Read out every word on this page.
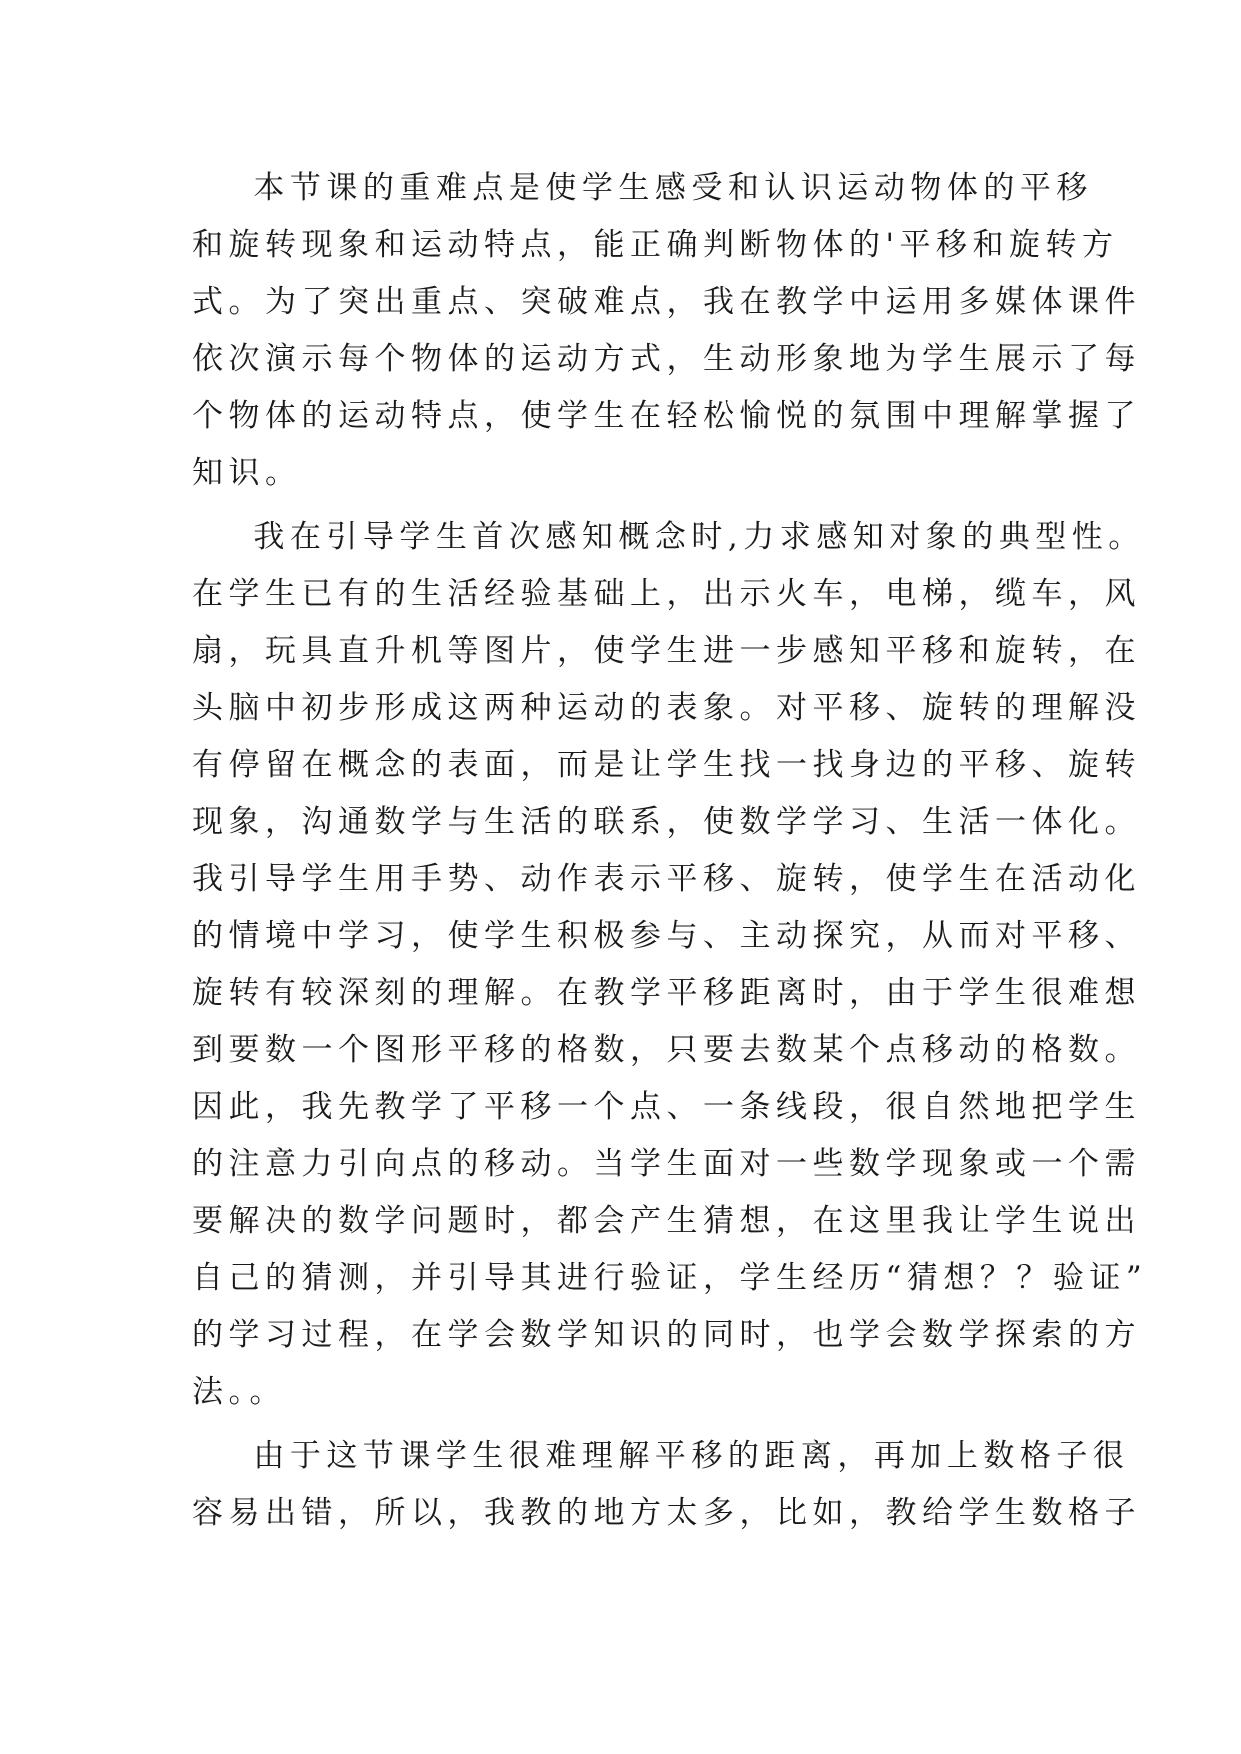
本节课的重难点是使学生感受和认识运动物体的平移
和旋转现象和运动特点，能正确判断物体的'平移和旋转方
式。为了突出重点、突破难点，我在教学中运用多媒体课件
依次演示每个物体的运动方式，生动形象地为学生展示了每
个物体的运动特点，使学生在轻松愉悦的氛围中理解掌握了
知识。
我在引导学生首次感知概念时,力求感知对象的典型性。
在学生已有的生活经验基础上，出示火车，电梯，缆车，风
扇，玩具直升机等图片，使学生进一步感知平移和旋转，在
头脑中初步形成这两种运动的表象。对平移、旋转的理解没
有停留在概念的表面，而是让学生找一找身边的平移、旋转
现象，沟通数学与生活的联系，使数学学习、生活一体化。
我引导学生用手势、动作表示平移、旋转，使学生在活动化
的情境中学习，使学生积极参与、主动探究，从而对平移、
旋转有较深刻的理解。在教学平移距离时，由于学生很难想
到要数一个图形平移的格数，只要去数某个点移动的格数。
因此，我先教学了平移一个点、一条线段，很自然地把学生
的注意力引向点的移动。当学生面对一些数学现象或一个需
要解决的数学问题时，都会产生猜想，在这里我让学生说出
自己的猜测，并引导其进行验证，学生经历“猜想？？验证”
的学习过程，在学会数学知识的同时，也学会数学探索的方
法。。
由于这节课学生很难理解平移的距离，再加上数格子很
容易出错，所以，我教的地方太多，比如，教给学生数格子
